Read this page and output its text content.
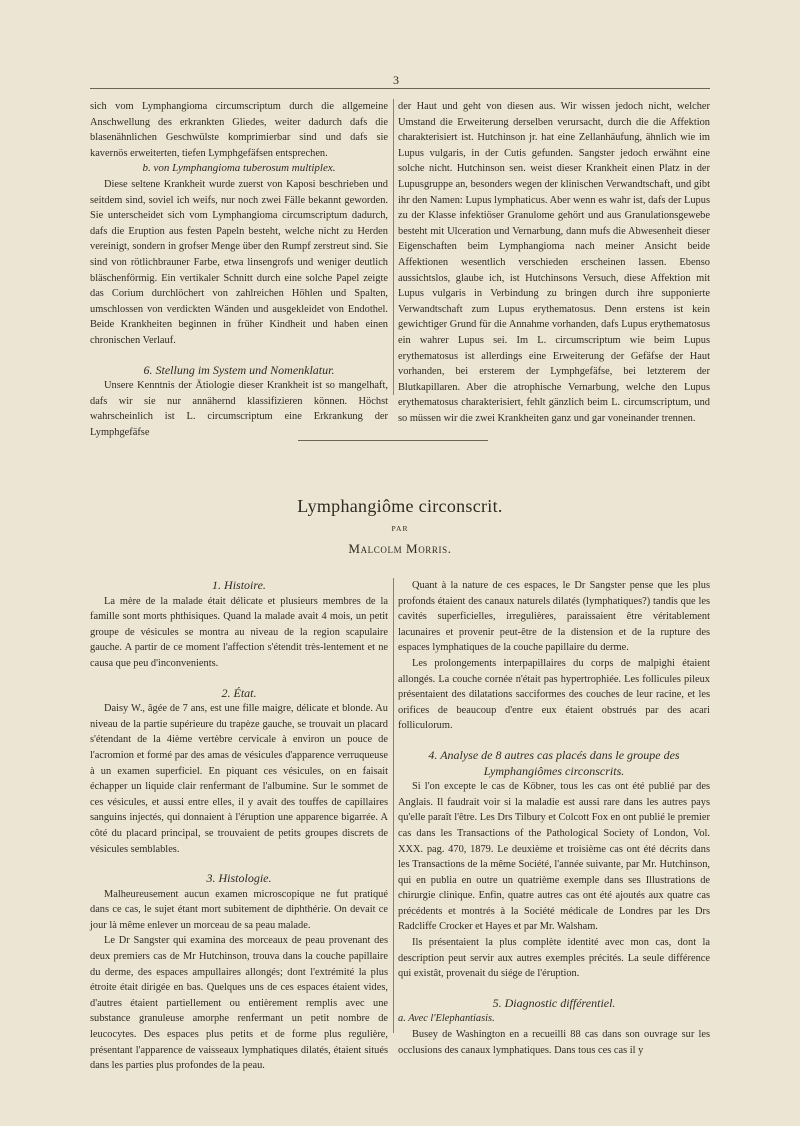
3

sich vom Lymphangioma circumscriptum durch die allgemeine Anschwellung des erkrankten Gliedes, weiter dadurch dafs die blasenähnlichen Geschwülste komprimierbar sind und dafs sie kavernös erweiterten, tiefen Lymphgefäfsen entsprechen.

b. von Lymphangioma tuberosum multiplex.

Diese seltene Krankheit wurde zuerst von Kaposi beschrieben und seitdem sind, soviel ich weifs, nur noch zwei Fälle bekannt geworden. Sie unterscheidet sich vom Lymphangioma circumscriptum dadurch, dafs die Eruption aus festen Papeln besteht, welche nicht zu Herden vereinigt, sondern in grofser Menge über den Rumpf zerstreut sind. Sie sind von rötlichbrauner Farbe, etwa linsengrofs und weniger deutlich bläschenförmig. Ein vertikaler Schnitt durch eine solche Papel zeigte das Corium durchlöchert von zahlreichen Höhlen und Spalten, umschlossen von verdickten Wänden und ausgekleidet von Endothel. Beide Krankheiten beginnen in früher Kindheit und haben einen chronischen Verlauf.

6. Stellung im System und Nomenklatur.

Unsere Kenntnis der Ätiologie dieser Krankheit ist so mangelhaft, dafs wir sie nur annähernd klassifizieren können. Höchst wahrscheinlich ist L. circumscriptum eine Erkrankung der Lymphgefäfse

der Haut und geht von diesen aus. Wir wissen jedoch nicht, welcher Umstand die Erweiterung derselben verursacht, durch die die Affektion charakterisiert ist. Hutchinson jr. hat eine Zellanhäufung, ähnlich wie im Lupus vulgaris, in der Cutis gefunden. Sangster jedoch erwähnt eine solche nicht. Hutchinson sen. weist dieser Krankheit einen Platz in der Lupusgruppe an, besonders wegen der klinischen Verwandtschaft, und gibt ihr den Namen: Lupus lymphaticus. Aber wenn es wahr ist, dafs der Lupus zu der Klasse infektiöser Granulome gehört und aus Granulationsgewebe besteht mit Ulceration und Vernarbung, dann mufs die Abwesenheit dieser Eigenschaften beim Lymphangioma nach meiner Ansicht beide Affektionen wesentlich verschieden erscheinen lassen. Ebenso aussichtslos, glaube ich, ist Hutchinsons Versuch, diese Affektion mit Lupus vulgaris in Verbindung zu bringen durch ihre supponierte Verwandtschaft zum Lupus erythematosus. Denn erstens ist kein gewichtiger Grund für die Annahme vorhanden, dafs Lupus erythematosus ein wahrer Lupus sei. Im L. circumscriptum wie beim Lupus erythematosus ist allerdings eine Erweiterung der Gefäfse der Haut vorhanden, bei ersterem der Lymphgefäfse, bei letzterem der Blutkapillaren. Aber die atrophische Vernarbung, welche den Lupus erythematosus charakterisiert, fehlt gänzlich beim L. circumscriptum, und so müssen wir die zwei Krankheiten ganz und gar voneinander trennen.

Lymphangiôme circonscrit.
PAR
Malcolm Morris.
1. Histoire.

La mère de la malade était délicate et plusieurs membres de la famille sont morts phthisiques. Quand la malade avait 4 mois, un petit groupe de vésicules se montra au niveau de la region scapulaire gauche. A partir de ce moment l'affection s'étendit très-lentement et ne causa que peu d'inconvenients.

2. État.

Daisy W., âgée de 7 ans, est une fille maigre, délicate et blonde. Au niveau de la partie supérieure du trapèze gauche, se trouvait un placard s'étendant de la 4ième vertèbre cervicale à environ un pouce de l'acromion et formé par des amas de vésicules d'apparence verruqueuse à un examen superficiel. En piquant ces vésicules, on en faisait échapper un liquide clair renfermant de l'albumine. Sur le sommet de ces vésicules, et aussi entre elles, il y avait des touffes de capillaires sanguins injectés, qui donnaient à l'éruption une apparence bigarrée. A côté du placard principal, se trouvaient de petits groupes discrets de vésicules semblables.

3. Histologie.

Malheureusement aucun examen microscopique ne fut pratiqué dans ce cas, le sujet étant mort subitement de diphthérie. On devait ce jour là même enlever un morceau de sa peau malade.

Le Dr Sangster qui examina des morceaux de peau provenant des deux premiers cas de Mr Hutchinson, trouva dans la couche papillaire du derme, des espaces ampullaires allongés; dont l'extrémité la plus étroite était dirigée en bas. Quelques uns de ces espaces étaient vides, d'autres étaient partiellement ou entièrement remplis avec une substance granuleuse amorphe renfermant un petit nombre de leucocytes. Des espaces plus petits et de forme plus regulière, présentant l'apparence de vaisseaux lymphatiques dilatés, étaient situés dans les parties plus profondes de la peau.

Quant à la nature de ces espaces, le Dr Sangster pense que les plus profonds étaient des canaux naturels dilatés (lymphatiques?) tandis que les cavités superficielles, irregulières, paraissaient être véritablement lacunaires et provenir peut-être de la distension et de la rupture des espaces lymphatiques de la couche papillaire du derme.

Les prolongements interpapillaires du corps de malpighi étaient allongés. La couche cornée n'était pas hypertrophiée. Les follicules pileux présentaient des dilatations sacciformes des couches de leur racine, et les orifices de beaucoup d'entre eux étaient obstrués par des acari folliculorum.

4. Analyse de 8 autres cas placés dans le groupe des Lymphangiômes circonscrits.

Si l'on excepte le cas de Köbner, tous les cas ont été publié par des Anglais. Il faudrait voir si la maladie est aussi rare dans les autres pays qu'elle paraît l'être. Les Drs Tilbury et Colcott Fox en ont publié le premier cas dans les Transactions of the Pathological Society of London, Vol. XXX. pag. 470, 1879. Le deuxième et troisième cas ont été décrits dans les Transactions de la même Société, l'année suivante, par Mr. Hutchinson, qui en publia en outre un quatrième exemple dans ses Illustrations de chirurgie clinique. Enfin, quatre autres cas ont été ajoutés aux quatre cas précédents et montrés à la Société médicale de Londres par les Drs Radcliffe Crocker et Hayes et par Mr. Walsham.

Ils présentaient la plus complète identité avec mon cas, dont la description peut servir aux autres exemples précités. La seule différence qui existât, provenait du siége de l'éruption.

5. Diagnostic différentiel.

a. Avec l'Elephantiasis.

Busey de Washington en a recueilli 88 cas dans son ouvrage sur les occlusions des canaux lymphatiques. Dans tous ces cas il y
